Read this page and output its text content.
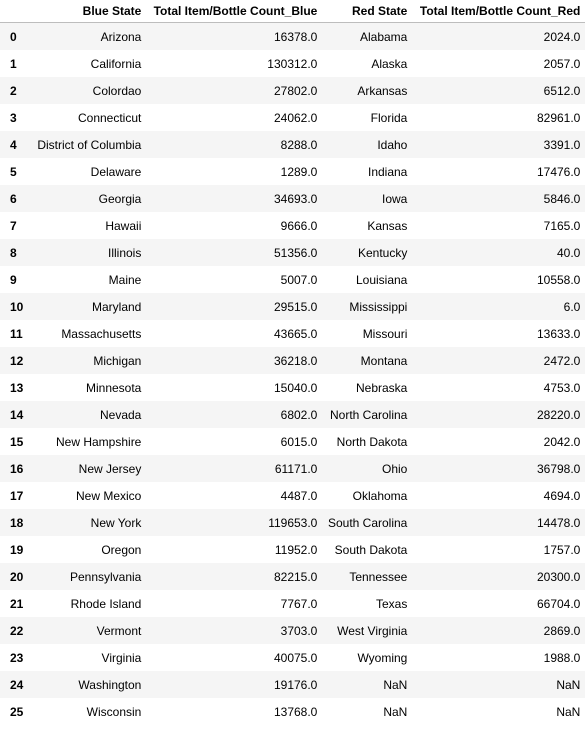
	Blue State	Total Item/Bottle Count_Blue	Red State	Total Item/Bottle Count_Red
0	Arizona	16378.0	Alabama	2024.0
1	California	130312.0	Alaska	2057.0
2	Colordao	27802.0	Arkansas	6512.0
3	Connecticut	24062.0	Florida	82961.0
4	District of Columbia	8288.0	Idaho	3391.0
5	Delaware	1289.0	Indiana	17476.0
6	Georgia	34693.0	Iowa	5846.0
7	Hawaii	9666.0	Kansas	7165.0
8	Illinois	51356.0	Kentucky	40.0
9	Maine	5007.0	Louisiana	10558.0
10	Maryland	29515.0	Mississippi	6.0
11	Massachusetts	43665.0	Missouri	13633.0
12	Michigan	36218.0	Montana	2472.0
13	Minnesota	15040.0	Nebraska	4753.0
14	Nevada	6802.0	North Carolina	28220.0
15	New Hampshire	6015.0	North Dakota	2042.0
16	New Jersey	61171.0	Ohio	36798.0
17	New Mexico	4487.0	Oklahoma	4694.0
18	New York	119653.0	South Carolina	14478.0
19	Oregon	11952.0	South Dakota	1757.0
20	Pennsylvania	82215.0	Tennessee	20300.0
21	Rhode Island	7767.0	Texas	66704.0
22	Vermont	3703.0	West Virginia	2869.0
23	Virginia	40075.0	Wyoming	1988.0
24	Washington	19176.0	NaN	NaN
25	Wisconsin	13768.0	NaN	NaN
